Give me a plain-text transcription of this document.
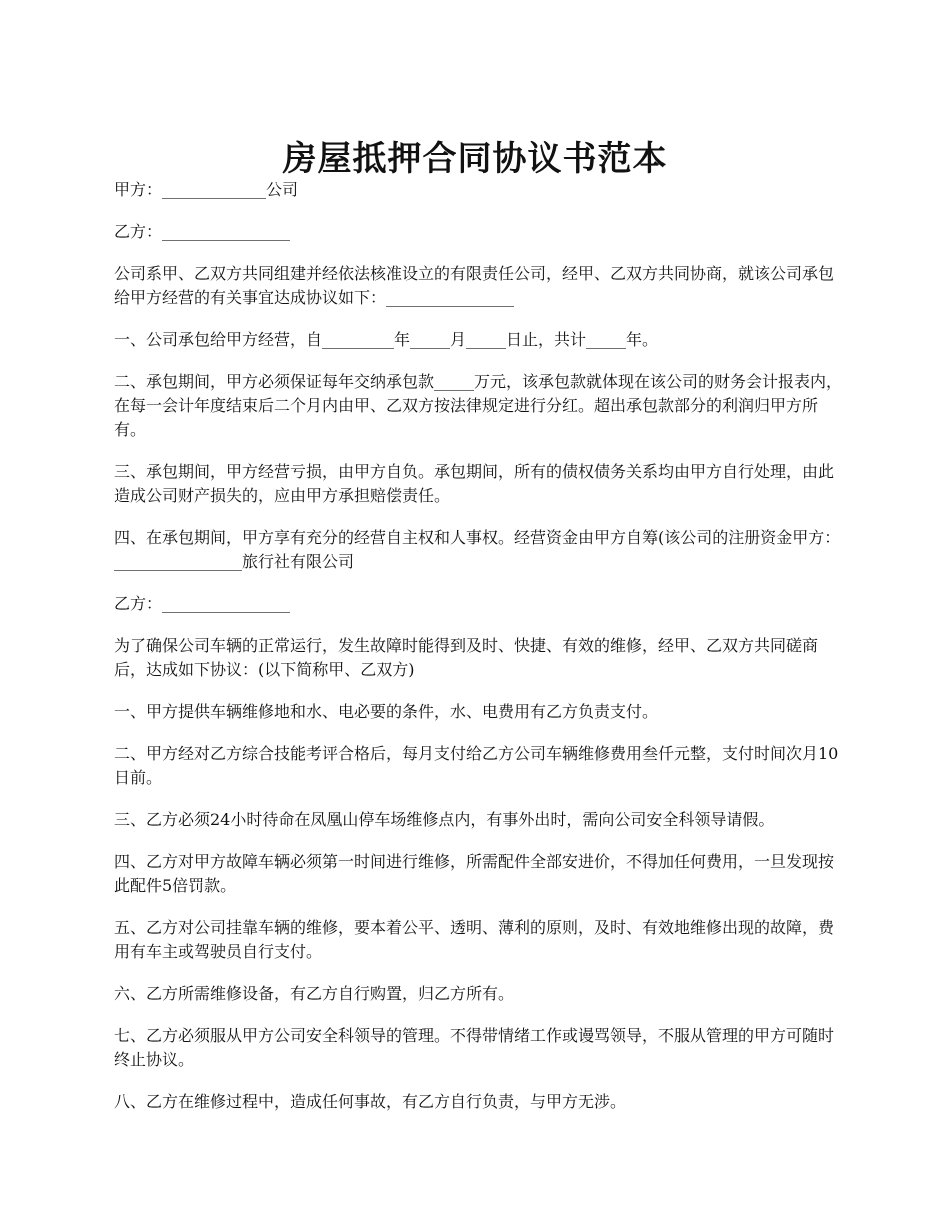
房屋抵押合同协议书范本

甲方：_____________公司

乙方：________________

公司系甲、乙双方共同组建并经依法核准设立的有限责任公司，经甲、乙双方共同协商，就该公司承包给甲方经营的有关事宜达成协议如下：________________

一、公司承包给甲方经营，自_________年_____月_____日止，共计_____年。

二、承包期间，甲方必须保证每年交纳承包款_____万元，该承包款就体现在该公司的财务会计报表内，在每一会计年度结束后二个月内由甲、乙双方按法律规定进行分红。超出承包款部分的利润归甲方所有。

三、承包期间，甲方经营亏损，由甲方自负。承包期间，所有的债权债务关系均由甲方自行处理，由此造成公司财产损失的，应由甲方承担赔偿责任。

四、在承包期间，甲方享有充分的经营自主权和人事权。经营资金由甲方自筹(该公司的注册资金甲方：________________旅行社有限公司

乙方：________________

为了确保公司车辆的正常运行，发生故障时能得到及时、快捷、有效的维修，经甲、乙双方共同磋商后，达成如下协议：(以下简称甲、乙双方)

一、甲方提供车辆维修地和水、电必要的条件，水、电费用有乙方负责支付。

二、甲方经对乙方综合技能考评合格后，每月支付给乙方公司车辆维修费用叁仟元整，支付时间次月10日前。

三、乙方必须24小时待命在凤凰山停车场维修点内，有事外出时，需向公司安全科领导请假。

四、乙方对甲方故障车辆必须第一时间进行维修，所需配件全部安进价，不得加任何费用，一旦发现按此配件5倍罚款。

五、乙方对公司挂靠车辆的维修，要本着公平、透明、薄利的原则，及时、有效地维修出现的故障，费用有车主或驾驶员自行支付。

六、乙方所需维修设备，有乙方自行购置，归乙方所有。

七、乙方必须服从甲方公司安全科领导的管理。不得带情绪工作或谩骂领导，不服从管理的甲方可随时终止协议。

八、乙方在维修过程中，造成任何事故，有乙方自行负责，与甲方无涉。
